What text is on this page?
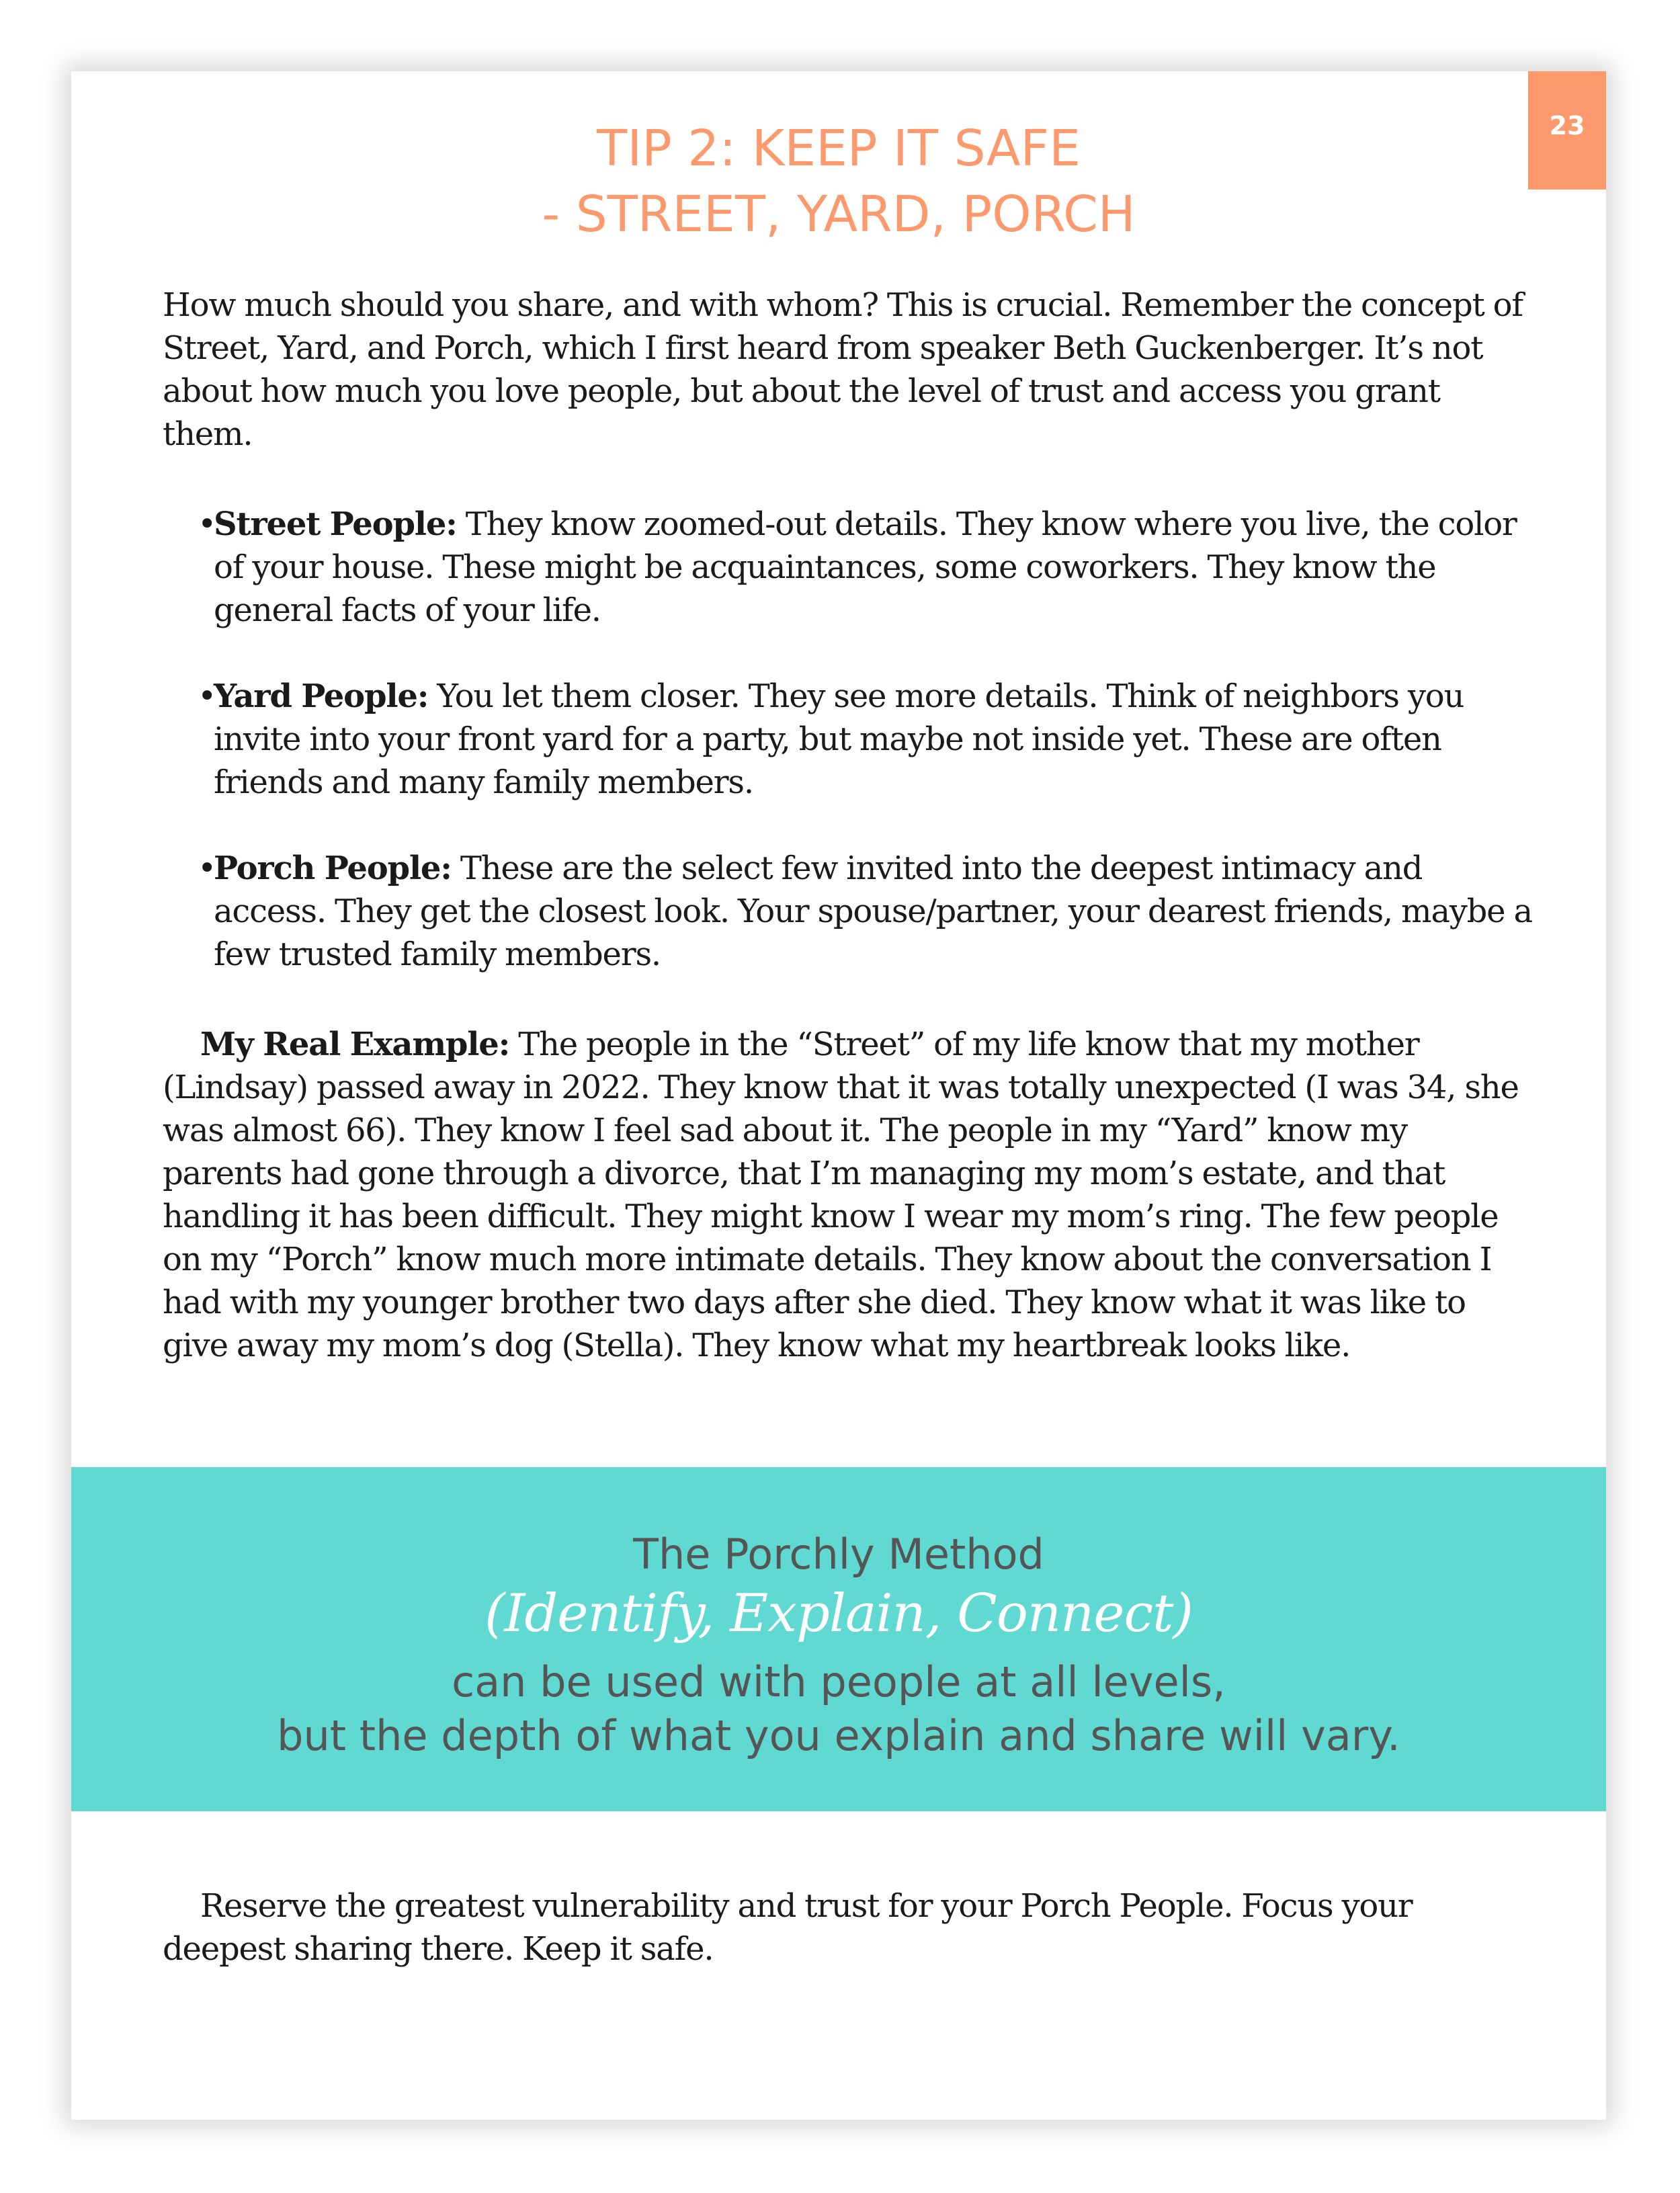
23
TIP 2: KEEP IT SAFE
- STREET, YARD, PORCH

How much should you share, and with whom? This is crucial. Remember the concept of Street, Yard, and Porch, which I first heard from speaker Beth Guckenberger. It’s not about how much you love people, but about the level of trust and access you grant them.

•
Street People: They know zoomed-out details. They know where you live, the color of your house. These might be acquaintances, some coworkers. They know the general facts of your life.
•
Yard People: You let them closer. They see more details. Think of neighbors you invite into your front yard for a party, but maybe not inside yet. These are often friends and many family members.
•
Porch People: These are the select few invited into the deepest intimacy and access. They get the closest look. Your spouse/partner, your dearest friends, maybe a few trusted family members.

My Real Example: The people in the “Street” of my life know that my mother (Lindsay) passed away in 2022. They know that it was totally unexpected (I was 34, she was almost 66). They know I feel sad about it. The people in my “Yard” know my parents had gone through a divorce, that I’m managing my mom’s estate, and that handling it has been difficult. They might know I wear my mom’s ring. The few people on my “Porch” know much more intimate details. They know about the conversation I had with my younger brother two days after she died. They know what it was like to give away my mom’s dog (Stella). They know what my heartbreak looks like.

The Porchly Method
(Identify, Explain, Connect)
can be used with people at all levels,
but the depth of what you explain and share will vary.

Reserve the greatest vulnerability and trust for your Porch People. Focus your deepest sharing there. Keep it safe.
